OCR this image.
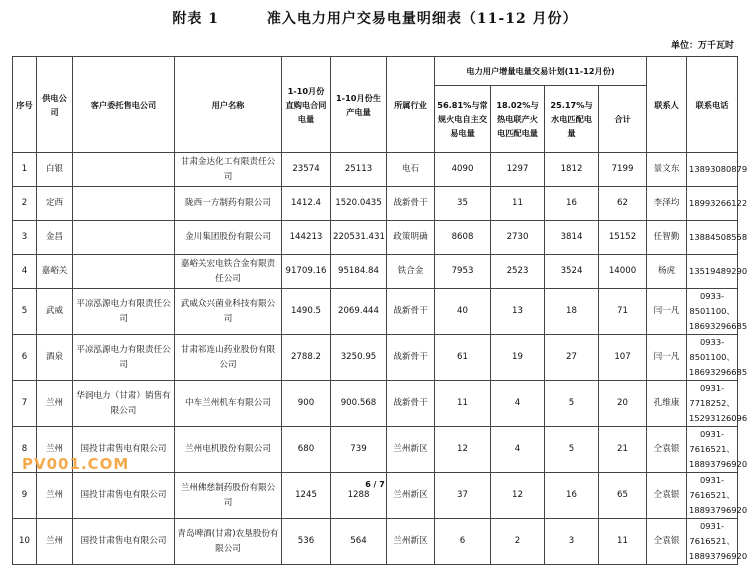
附表 1	准入电力用户交易电量明细表（11-12 月份）
单位：万千瓦时
序号	供电公司	客户委托售电公司	用户名称	1-10月份直购电合同电量	1-10月份生产电量	所属行业	电力用户增量电量交易计划(11-12月份)				联系人	联系电话
							56.81%与常规火电自主交易电量	18.02%与热电联产火电匹配电量	25.17%与水电匹配电量	合计		
1	白银		甘肃金达化工有限责任公司	23574	25113	电石	4090	1297	1812	7199	景文东	13893080879
2	定西		陇西一方制药有限公司	1412.4	1520.0435	战新骨干	35	11	16	62	李泽均	18993266122
3	金昌		金川集团股份有限公司	144213	220531.431	政策明确	8608	2730	3814	15152	任智勤	13884508558
4	嘉峪关		嘉峪关宏电铁合金有限责任公司	91709.16	95184.84	铁合金	7953	2523	3524	14000	杨虎	13519489290
5	武威	平凉泓源电力有限责任公司	武威众兴菌业科技有限公司	1490.5	2069.444	战新骨干	40	13	18	71	闫一凡	0933-8501100、18693296685
6	酒泉	平凉泓源电力有限责任公司	甘肃祁连山药业股份有限公司	2788.2	3250.95	战新骨干	61	19	27	107	闫一凡	0933-8501100、18693296685
7	兰州	华润电力（甘肃）销售有限公司	中车兰州机车有限公司	900	900.568	战新骨干	11	4	5	20	孔维康	0931-7718252、15293126096
8	兰州	国投甘肃售电有限公司	兰州电机股份有限公司	680	739	兰州新区	12	4	5	21	仝袁银	0931-7616521、18893796920
9	兰州	国投甘肃售电有限公司	兰州佛慈制药股份有限公司	1245	1288	兰州新区	37	12	16	65	仝袁银	0931-7616521、18893796920
10	兰州	国投甘肃售电有限公司	青岛啤酒(甘肃)农垦股份有限公司	536	564	兰州新区	6	2	3	11	仝袁银	0931-7616521、18893796920
PV001.COM
6 / 7
